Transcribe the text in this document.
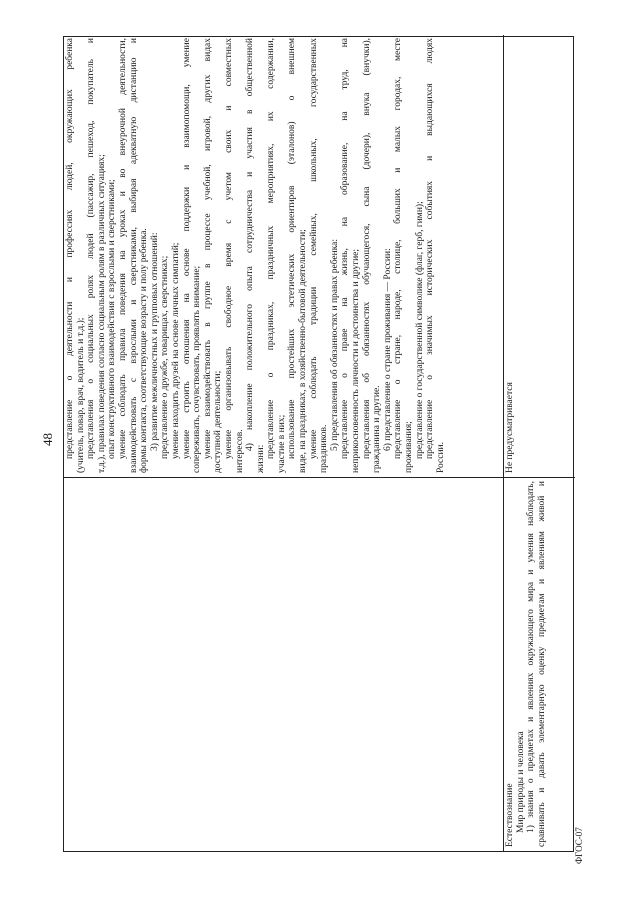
48 представление о деятельности и профессиях людей, окружающих ребенка (учитель, повар, врач, водитель и т.д.); представления о социальных ролях людей (пассажир, пешеход, покупатель и т.д.), правилах поведения согласно социальным ролям в различных ситуациях; опыт конструктивного взаимодействия с взрослыми и сверстниками; умение соблюдать правила поведения на уроках и во внеурочной деятельности, взаимодействовать с взрослыми и сверстниками, выбирая адекватную дистанцию и формы контакта, соответствующие возрасту и полу ребенка. 3) развитие межличностных и групповых отношений: представление о дружбе, товарищах, сверстниках; умение находить друзей на основе личных симпатий; умение строить отношения на основе поддержки и взаимопомощи, умение сопереживать, сочувствовать, проявлять внимание; умение взаимодействовать в группе в процессе учебной, игровой, других видах доступной деятельности; умение организовывать свободное время с учетом своих и совместных интересов.

4) накопление положительного опыта сотрудничества и участия в общественной

жизни: представление о праздниках, праздничных мероприятиях, их содержании, участие в них; использование простейших эстетических ориентиров (эталонов) о внешнем виде, на праздниках, в хозяйственно-бытовой деятельности; умение соблюдать традиции семейных, школьных, государственных праздников. 5) представления об обязанностях и правах ребенка: представление о праве на жизнь, на образование, на труд, на неприкосновенность личности и достоинства и другие; представления об обязанностях обучающегося, сына (дочери), внука (внучки), гражданина и другие. 6) представление о стране проживания — России: представление о стране, народе, столице, больших и малых городах, месте проживания; представление о государственной символике (флаг, герб, гимн); представление о значимых исторических событиях и выдающихся людях России.

Естествознание Мир природы и человека 1) знания о предметах и явлениях окружающего мира и умения наблюдать, сравнивать и давать элементарную оценку предметам и явлениям живой и

Не предусматривается

ФГОС-07
